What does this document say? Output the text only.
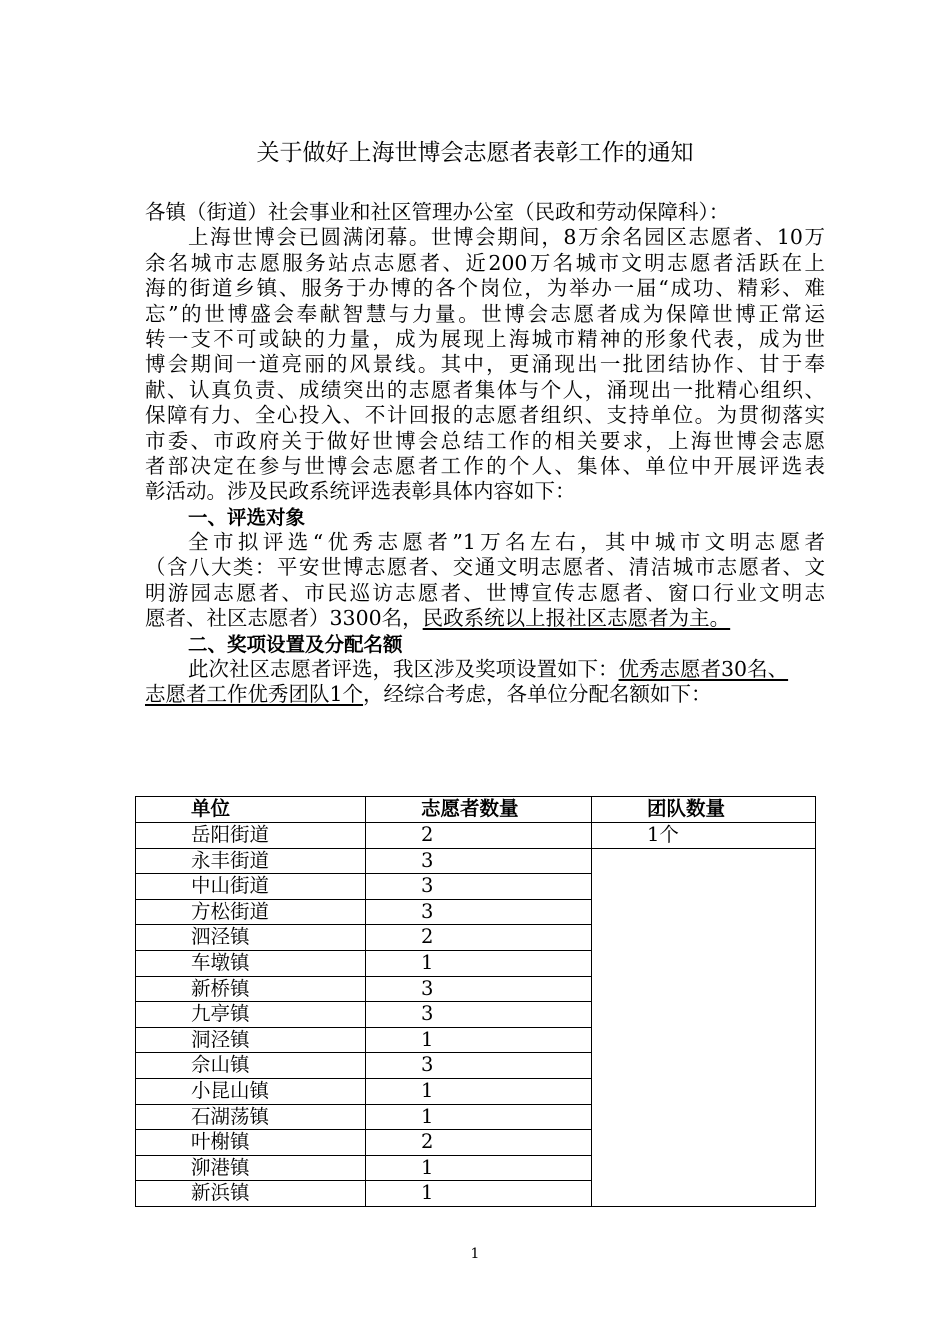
关于做好上海世博会志愿者表彰工作的通知
各镇（街道）社会事业和社区管理办公室（民政和劳动保障科）：
上海世博会已圆满闭幕。世博会期间，8万余名园区志愿者、10万
余名城市志愿服务站点志愿者、近200万名城市文明志愿者活跃在上
海的街道乡镇、服务于办博的各个岗位，为举办一届“成功、精彩、难
忘”的世博盛会奉献智慧与力量。世博会志愿者成为保障世博正常运
转一支不可或缺的力量，成为展现上海城市精神的形象代表，成为世
博会期间一道亮丽的风景线。其中，更涌现出一批团结协作、甘于奉
献、认真负责、成绩突出的志愿者集体与个人，涌现出一批精心组织、
保障有力、全心投入、不计回报的志愿者组织、支持单位。为贯彻落实
市委、市政府关于做好世博会总结工作的相关要求，上海世博会志愿
者部决定在参与世博会志愿者工作的个人、集体、单位中开展评选表
彰活动。涉及民政系统评选表彰具体内容如下：
一、评选对象
全市拟评选“优秀志愿者”1万名左右，其中城市文明志愿者
（含八大类：平安世博志愿者、交通文明志愿者、清洁城市志愿者、文
明游园志愿者、市民巡访志愿者、世博宣传志愿者、窗口行业文明志
愿者、社区志愿者）3300名，民政系统以上报社区志愿者为主。
二、奖项设置及分配名额
此次社区志愿者评选，我区涉及奖项设置如下：优秀志愿者30名、
志愿者工作优秀团队1个，经综合考虑，各单位分配名额如下：
单位	志愿者数量	团队数量
岳阳街道	2	1个
永丰街道	3	
中山街道	3	
方松街道	3	
泗泾镇	2	
车墩镇	1	
新桥镇	3	
九亭镇	3	
洞泾镇	1	
佘山镇	3	
小昆山镇	1	
石湖荡镇	1	
叶榭镇	2	
泖港镇	1	
新浜镇	1	
1
